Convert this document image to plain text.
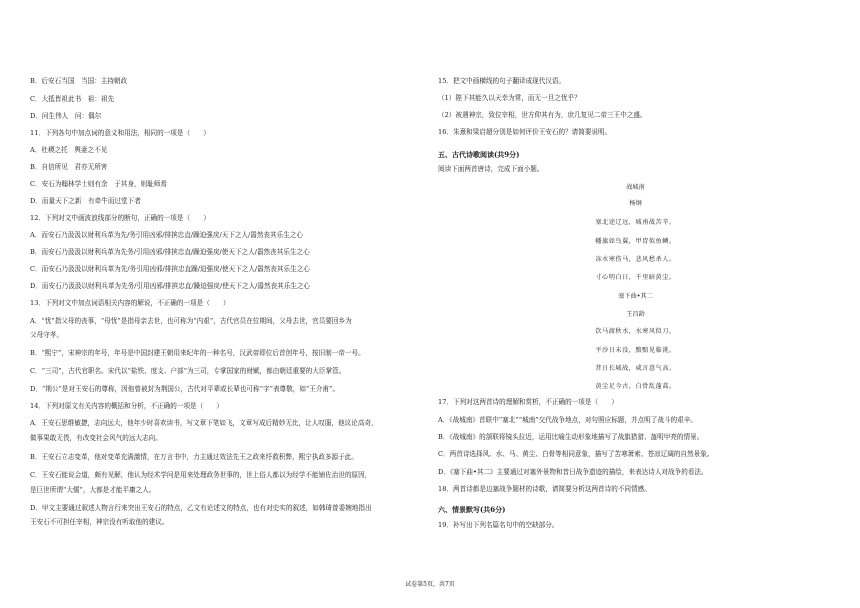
B．后安石当国　当国：主持朝政
C．大抵皆祖此书　祖：祖先
D．问生伟人　问：偶尔
11．下列各句中加点词的意义和用法，相同的一项是（　　）
A．杜稷之托　舆妻之不见
B．自信所见　君亦无所害
C．安石为翰林学士则有余　于其身，则耻师焉
D．而量天下之新　有牵牛而过堂下者
12．下列对文中画波浪线部分的断句，正确的一项是（　　）
A．而安石乃汲汲以财利兵革为先/务引用凶邪/排摈忠直/躁迫强戾/天下之人/嚣然丧其乐生之心
B．而安石乃汲汲以财利兵革为先务/引用凶邪/排摈忠直/躁迫强戾/使天下之人/嚣然丧其乐生之心
C．而安石乃汲汲以财利兵革为先/务引用凶邪/排摈忠直躁/迫强戾/使天下之人/嚣然丧其乐生之心
D．而安石乃汲汲以财利兵革为先务/引用凶邪/排摈忠直/躁迫强戾/使天下之人/嚣然丧其乐生之心
13．下列对文中加点词语相关内容的解说，不正确的一项是（　　）
A．“忧”指父母的丧事，“母忧”是指母亲去世，也可称为“内艰”，古代官员在位期间，父母去世，官员要回乡为
父母守孝。
B．“熙宁”，宋神宗的年号，年号是中国封建王朝用来纪年的一种名号，汉武帝即位后首创年号，按旧制一帝一号。
C．“三司”，古代官职名。宋代以“盐铁、度支、户部”为三司，专掌国家的财赋，都由朝廷重要的大臣掌管。
D．“荆公”是对王安石的尊称，因他曾被封为荆国公，古代对平辈或长辈也可称“字”表尊敬，如“王介甫”。
14．下列对原文有关内容的概括和分析，不正确的一项是（　　）
A．王安石思维敏捷，志向远大，他年少时喜欢读书，写文章下笔如飞，文章写成后精妙无比，让人叹服，他议论高奇，
做事果敢无畏，有改变社会风气的远大志向。
B．王安石立志变革，他对变革充满激情，在万言书中，力主通过效法先王之政来纾救积弊，熙宁执政多源于此。
C．王安石能说会道，颇有见解，他认为经术学问是用来处理政务世事的，世上俗人都以为经学不能铺佐治世的原因，
是巨世所谓“大儒”，大都是才能平庸之人。
D．甲文主要通过叙述人物言行来突出王安石的特点，乙文有论述文的特点，也有对史实的叙述，如韩琦曾委婉地指出
王安石不可担任宰相，神宗没有听取他的建议。
15．把文中画横线的句子翻译成现代汉语。
（1）陛下其能久以天幸为常，而无一旦之忧乎？
（2）被遇神宗，致位宰相，世方仰其有为，庶几复见二帝三王中之盛。
16．朱熹和梁启超分别是如何评价王安石的？请简要说明。
五、古代诗歌阅读(共9分)
阅读下面两首唐诗，完成下面小题。
战城南
杨炯
塞北途辽远，城南战苦辛。
幡旗如鸟翼，甲胄似鱼鳞。
冻水寒伤马，悲风愁杀人。
寸心明白日，千里暗黄尘。
塞下曲•其二
王昌龄
饮马渡秋水，水寒风似刀。
平沙日未没，黯黯见临洮。
昔日长城战，咸言意气高。
黄尘足今古，白骨乱蓬蒿。
17．下列对这两首诗的理解和赏析，不正确的一项是（　　）
A．《战城南》首联中“塞北”“城南”交代战争地点，对句照应标题，并点明了战斗的艰辛。
B．《战城南》的颔联将镜头拉近，运用比喻生动形象地描写了战旗猎猎、盔明甲亮的情景。
C．两首诗选择风、水、马、黄尘、白骨等相同意象，描写了苦寒萧索、苍凉辽阔的自然景象。
D．《塞下曲•其二》主要通过对塞外景物和昔日战争遗迹的描绘，来表达诗人对战争的看法。
18．两首诗都是边塞战争题材的诗歌，请简要分析这两首诗的不同情感。
六、情景默写(共6分)
19．补写出下列名篇名句中的空缺部分。
试卷第5页，共7页
